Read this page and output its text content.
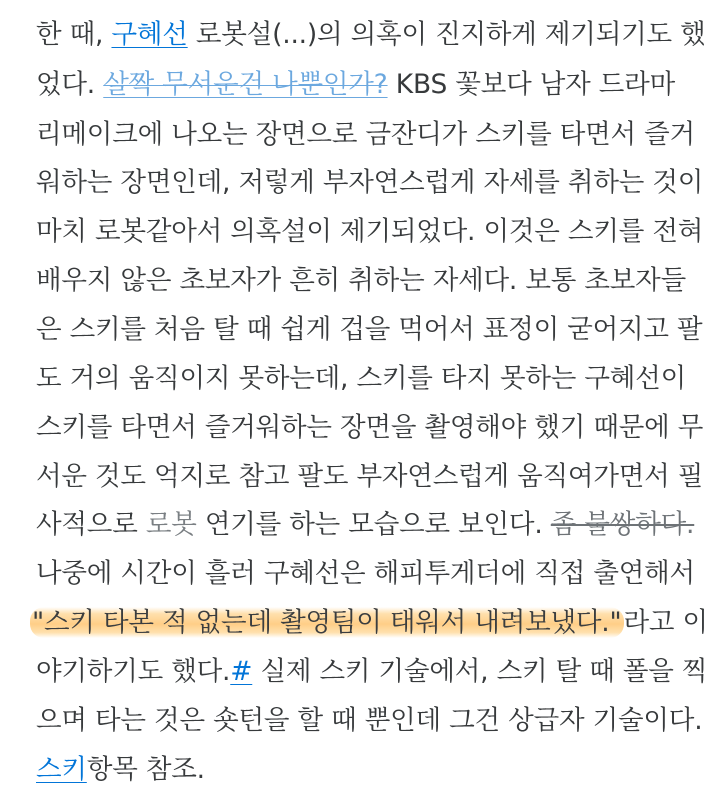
한 때, 구혜선 로봇설(...)의 의혹이 진지하게 제기되기도 했
었다. 살짝 무서운건 나뿐인가? KBS 꽃보다 남자 드라마
리메이크에 나오는 장면으로 금잔디가 스키를 타면서 즐거
워하는 장면인데, 저렇게 부자연스럽게 자세를 취하는 것이
마치 로봇같아서 의혹설이 제기되었다. 이것은 스키를 전혀
배우지 않은 초보자가 흔히 취하는 자세다. 보통 초보자들
은 스키를 처음 탈 때 쉽게 겁을 먹어서 표정이 굳어지고 팔
도 거의 움직이지 못하는데, 스키를 타지 못하는 구혜선이
스키를 타면서 즐거워하는 장면을 촬영해야 했기 때문에 무
서운 것도 억지로 참고 팔도 부자연스럽게 움직여가면서 필
사적으로 로봇 연기를 하는 모습으로 보인다. 좀 불쌍하다.
나중에 시간이 흘러 구혜선은 해피투게더에 직접 출연해서
"스키 타본 적 없는데 촬영팀이 태워서 내려보냈다."라고 이
야기하기도 했다.# 실제 스키 기술에서, 스키 탈 때 폴을 찍
으며 타는 것은 숏턴을 할 때 뿐인데 그건 상급자 기술이다.
스키항목 참조.
